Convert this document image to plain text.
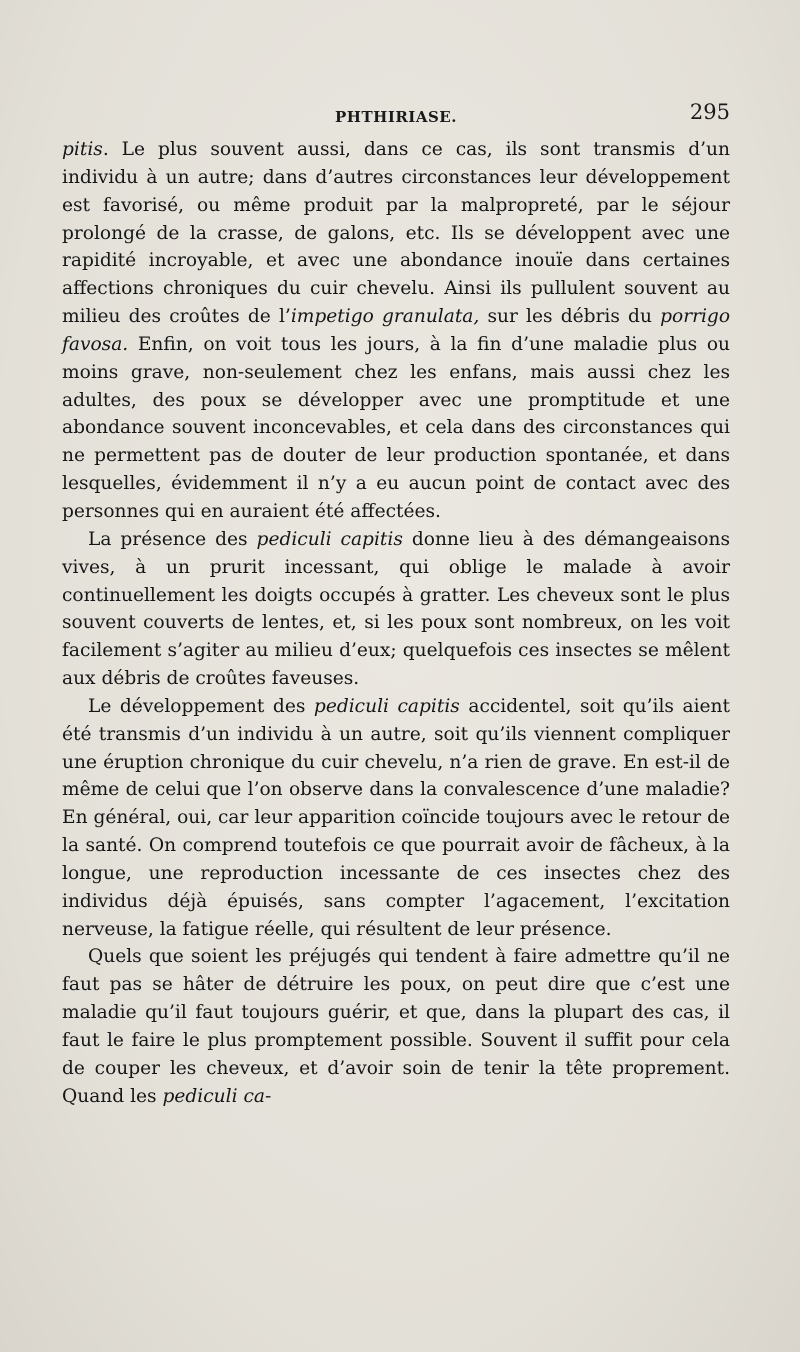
PHTHIRIASE.	295

pitis. Le plus souvent aussi, dans ce cas, ils sont transmis d’un individu à un autre; dans d’autres circonstances leur développement est favorisé, ou même produit par la malpropreté, par le séjour prolongé de la crasse, de galons, etc. Ils se développent avec une rapidité incroyable, et avec une abondance inouïe dans certaines affections chroniques du cuir chevelu. Ainsi ils pullulent souvent au milieu des croûtes de l’impetigo granulata, sur les débris du porrigo favosa. Enfin, on voit tous les jours, à la fin d’une maladie plus ou moins grave, non-seulement chez les enfans, mais aussi chez les adultes, des poux se développer avec une promptitude et une abondance souvent inconcevables, et cela dans des circonstances qui ne permettent pas de douter de leur production spontanée, et dans lesquelles, évidemment il n’y a eu aucun point de contact avec des personnes qui en auraient été affectées.

La présence des pediculi capitis donne lieu à des démangeaisons vives, à un prurit incessant, qui oblige le malade à avoir continuellement les doigts occupés à gratter. Les cheveux sont le plus souvent couverts de lentes, et, si les poux sont nombreux, on les voit facilement s’agiter au milieu d’eux; quelquefois ces insectes se mêlent aux débris de croûtes faveuses.

Le développement des pediculi capitis accidentel, soit qu’ils aient été transmis d’un individu à un autre, soit qu’ils viennent compliquer une éruption chronique du cuir chevelu, n’a rien de grave. En est-il de même de celui que l’on observe dans la convalescence d’une maladie? En général, oui, car leur apparition coïncide toujours avec le retour de la santé. On comprend toutefois ce que pourrait avoir de fâcheux, à la longue, une reproduction incessante de ces insectes chez des individus déjà épuisés, sans compter l’agacement, l’excitation nerveuse, la fatigue réelle, qui résultent de leur présence.

Quels que soient les préjugés qui tendent à faire admettre qu’il ne faut pas se hâter de détruire les poux, on peut dire que c’est une maladie qu’il faut toujours guérir, et que, dans la plupart des cas, il faut le faire le plus promptement possible. Souvent il suffit pour cela de couper les cheveux, et d’avoir soin de tenir la tête proprement. Quand les pediculi ca-
